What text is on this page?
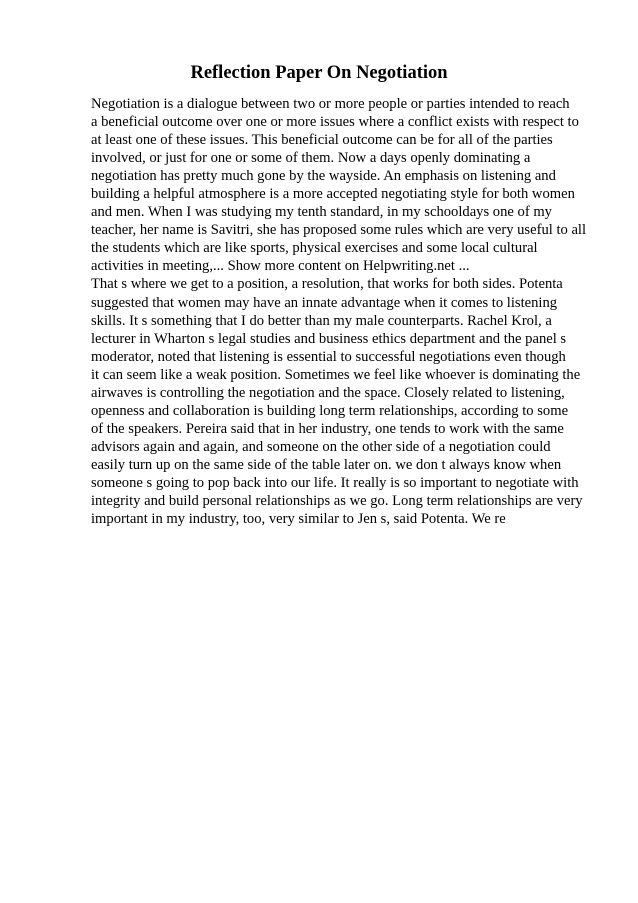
Reflection Paper On Negotiation
Negotiation is a dialogue between two or more people or parties intended to reach
a beneficial outcome over one or more issues where a conflict exists with respect to
at least one of these issues. This beneficial outcome can be for all of the parties
involved, or just for one or some of them. Now a days openly dominating a
negotiation has pretty much gone by the wayside. An emphasis on listening and
building a helpful atmosphere is a more accepted negotiating style for both women
and men. When I was studying my tenth standard, in my schooldays one of my
teacher, her name is Savitri, she has proposed some rules which are very useful to all
the students which are like sports, physical exercises and some local cultural
activities in meeting,... Show more content on Helpwriting.net ...
That s where we get to a position, a resolution, that works for both sides. Potenta
suggested that women may have an innate advantage when it comes to listening
skills. It s something that I do better than my male counterparts. Rachel Krol, a
lecturer in Wharton s legal studies and business ethics department and the panel s
moderator, noted that listening is essential to successful negotiations even though
it can seem like a weak position. Sometimes we feel like whoever is dominating the
airwaves is controlling the negotiation and the space. Closely related to listening,
openness and collaboration is building long term relationships, according to some
of the speakers. Pereira said that in her industry, one tends to work with the same
advisors again and again, and someone on the other side of a negotiation could
easily turn up on the same side of the table later on. we don t always know when
someone s going to pop back into our life. It really is so important to negotiate with
integrity and build personal relationships as we go. Long term relationships are very
important in my industry, too, very similar to Jen s, said Potenta. We re
